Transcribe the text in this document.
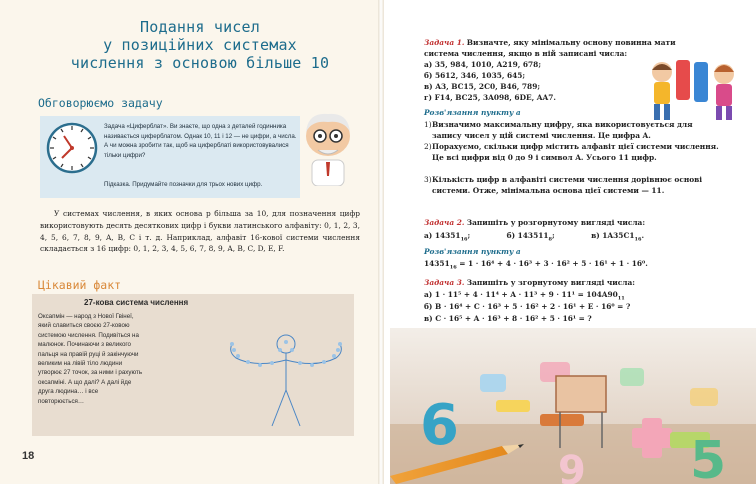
Подання чисел
у позиційних системах
числення з основою більше 10
Обговорюємо задачу

Задача «Циферблат». Ви знаєте, що одна з деталей годинника називається циферблатом. Однак 10, 11 і 12 — не цифри, а числа. А чи можна зробити так, щоб на циферблаті використовувалися тільки цифри?

Підказка. Придумайте позначки для трьох нових цифр.

У системах числення, в яких основа p більша за 10, для позначення цифр використовують десять десяткових цифр і букви латинського алфавіту: 0, 1, 2, 3, 4, 5, 6, 7, 8, 9, A, B, C і т. д. Наприклад, алфавіт 16-кової системи числення складається з 16 цифр: 0, 1, 2, 3, 4, 5, 6, 7, 8, 9, A, B, C, D, E, F.

Цікавий факт
27-кова система числення
Оксапмін — народ з Нової Гвінеї, який славиться своєю 27-ковою системою числення. Подивіться на малюнок. Починаючи з великого пальця на правій руці й закінчуючи великим на лівій тіло людини утворює 27 точок, за ними і рахують оксапміні. А що далі? А далі йде друга людина… і все повторюється…
18
Задача 1. Визначте, яку мінімальну основу повинна мати система числення, якщо в ній записані числа:
а) 35, 984, 1010, A219, 678;
б) 5612, 346, 1035, 645;
в) A3, BC15, 2C0, B46, 789;
г) F14, BC25, 3A098, 6DE, AA7.
Розв'язання пункту а
1) Визначимо максимальну цифру, яка використовується для запису чисел у цій системі числення. Це цифра A.
2) Порахуємо, скільки цифр містить алфавіт цієї системи числення. Це всі цифри від 0 до 9 і символ A. Усього 11 цифр.
3) Кількість цифр в алфавіті системи числення дорівнює основі системи. Отже, мінімальна основа цієї системи — 11.
Задача 2. Запишіть у розгорнутому вигляді числа:
а) $14351_{16}$;	б) $143511_8$;	в) $1A35C1_{16}$.
Розв'язання пункту а
$14351_{16} = 1 \cdot 16^4 + 4 \cdot 16^3 + 3 \cdot 16^2 + 5 \cdot 16^1 + 1 \cdot 16^0$.
Задача 3. Запишіть у згорнутому вигляді числа:
а) $1 \cdot 11^5 + 4 \cdot 11^4 + A \cdot 11^3 + 9 \cdot 11^1 = 104A90_{11}$
б) B · 16⁴ + C · 16³ + 5 · 16² + 2 · 16¹ + E · 16⁰ = ?
в) C · 16⁵ + A · 16³ + 8 · 16² + 5 · 16¹ = ?
6
5
9
